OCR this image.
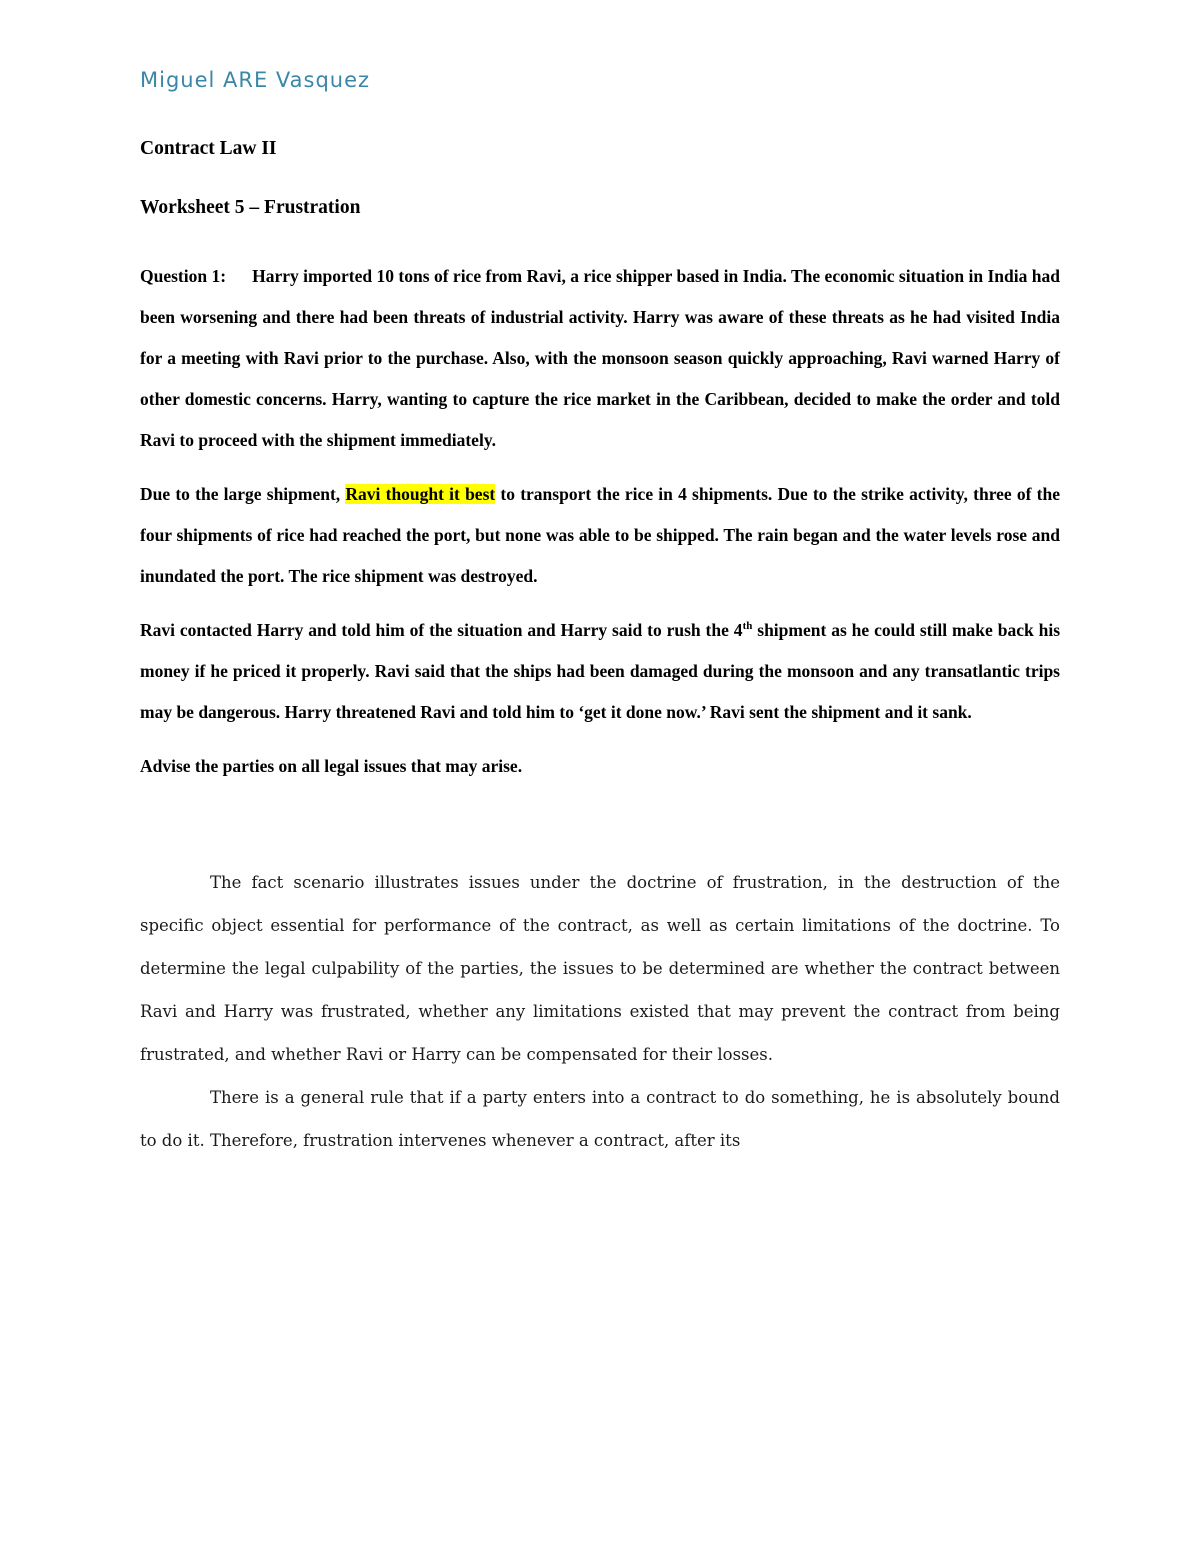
Miguel ARE Vasquez
Contract Law II
Worksheet 5 – Frustration

Question 1: Harry imported 10 tons of rice from Ravi, a rice shipper based in India. The economic situation in India had been worsening and there had been threats of industrial activity. Harry was aware of these threats as he had visited India for a meeting with Ravi prior to the purchase. Also, with the monsoon season quickly approaching, Ravi warned Harry of other domestic concerns. Harry, wanting to capture the rice market in the Caribbean, decided to make the order and told Ravi to proceed with the shipment immediately.

Due to the large shipment, Ravi thought it best to transport the rice in 4 shipments. Due to the strike activity, three of the four shipments of rice had reached the port, but none was able to be shipped. The rain began and the water levels rose and inundated the port. The rice shipment was destroyed.

Ravi contacted Harry and told him of the situation and Harry said to rush the 4th shipment as he could still make back his money if he priced it properly. Ravi said that the ships had been damaged during the monsoon and any transatlantic trips may be dangerous. Harry threatened Ravi and told him to ‘get it done now.’ Ravi sent the shipment and it sank.

Advise the parties on all legal issues that may arise.

The fact scenario illustrates issues under the doctrine of frustration, in the destruction of the specific object essential for performance of the contract, as well as certain limitations of the doctrine. To determine the legal culpability of the parties, the issues to be determined are whether the contract between Ravi and Harry was frustrated, whether any limitations existed that may prevent the contract from being frustrated, and whether Ravi or Harry can be compensated for their losses.

There is a general rule that if a party enters into a contract to do something, he is absolutely bound to do it. Therefore, frustration intervenes whenever a contract, after its
